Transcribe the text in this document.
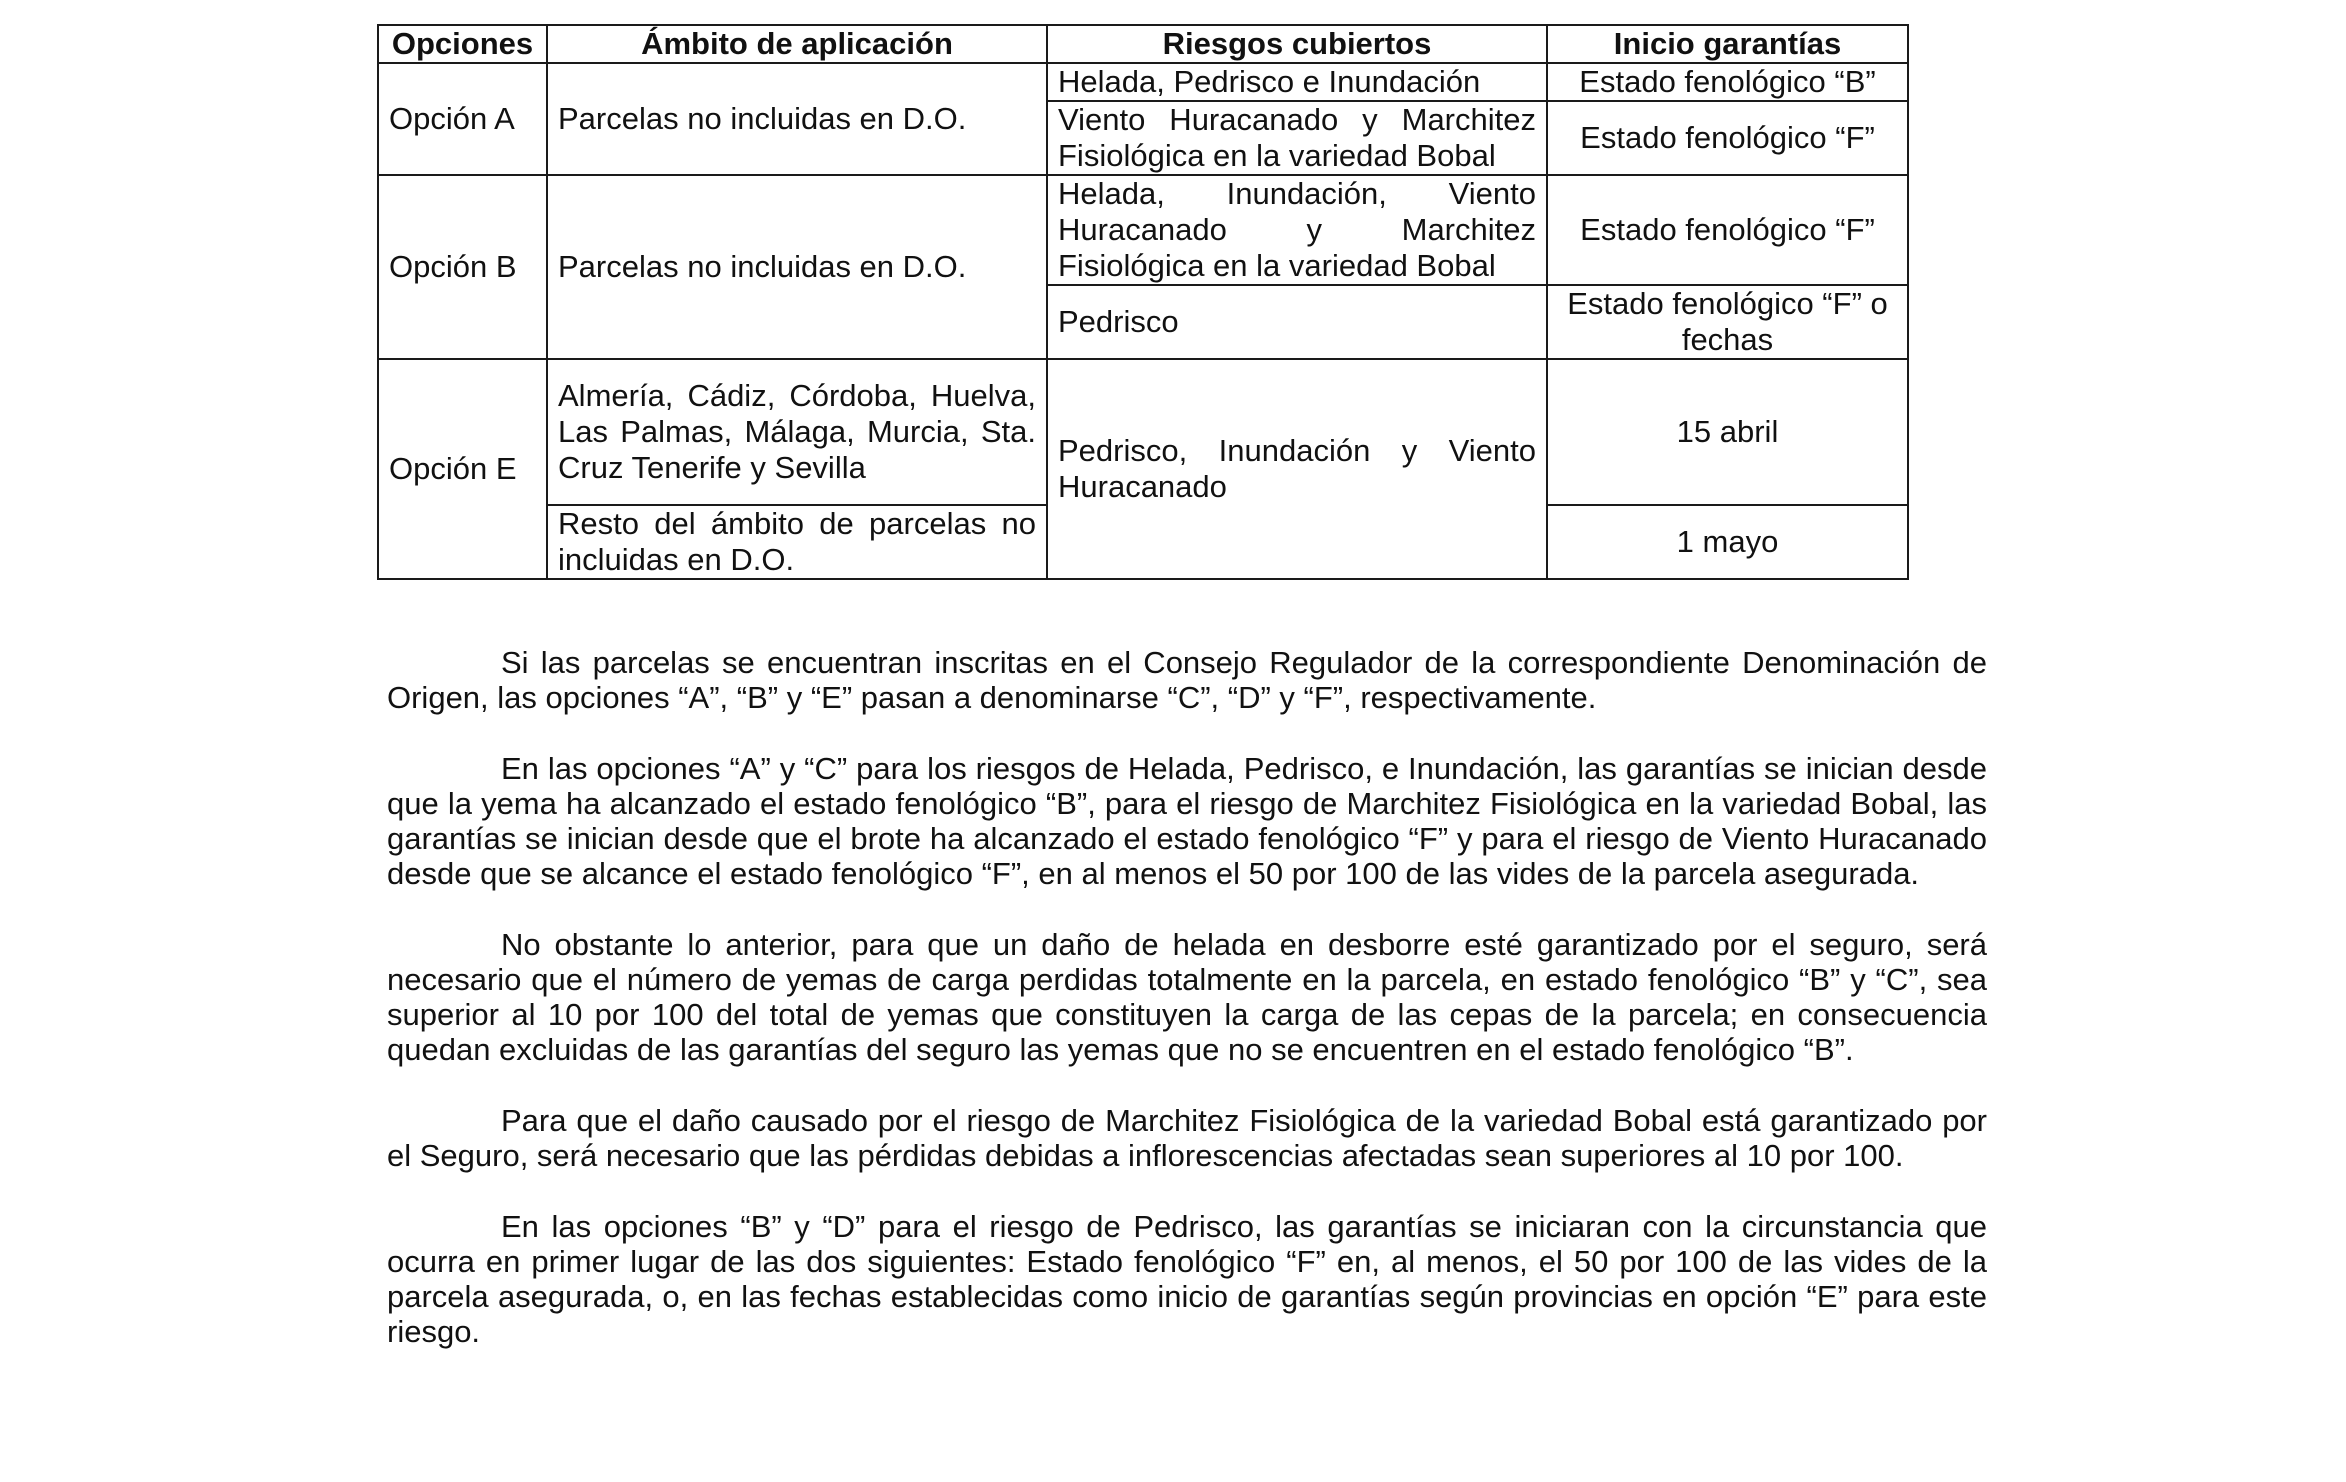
Opciones	Ámbito de aplicación	Riesgos cubiertos	Inicio garantías
Opción A	Parcelas no incluidas en D.O.	Helada, Pedrisco e Inundación	Estado fenológico “B”
		Viento Huracanado y Marchitez Fisiológica en la variedad Bobal	Estado fenológico “F”
Opción B	Parcelas no incluidas en D.O.	Helada, Inundación, Viento Huracanado y Marchitez Fisiológica en la variedad Bobal	Estado fenológico “F”
		Pedrisco	Estado fenológico “F” o fechas
Opción E	Almería, Cádiz, Córdoba, Huelva, Las Palmas, Málaga, Murcia, Sta. Cruz Tenerife y Sevilla	Pedrisco, Inundación y Viento Huracanado	15 abril
	Resto del ámbito de parcelas no incluidas en D.O.		1 mayo

Si las parcelas se encuentran inscritas en el Consejo Regulador de la correspondiente Denominación de Origen, las opciones “A”, “B” y “E” pasan a denominarse “C”, “D” y “F”, respectivamente.

En las opciones “A” y “C” para los riesgos de Helada, Pedrisco, e Inundación, las garantías se inician desde que la yema ha alcanzado el estado fenológico “B”, para el riesgo de Marchitez Fisiológica en la variedad Bobal, las garantías se inician desde que el brote ha alcanzado el estado fenológico “F” y para el riesgo de Viento Huracanado desde que se alcance el estado fenológico “F”, en al menos el 50 por 100 de las vides de la parcela asegurada.

No obstante lo anterior, para que un daño de helada en desborre esté garantizado por el seguro, será necesario que el número de yemas de carga perdidas totalmente en la parcela, en estado fenológico “B” y “C”, sea superior al 10 por 100 del total de yemas que constituyen la carga de las cepas de la parcela; en consecuencia quedan excluidas de las garantías del seguro las yemas que no se encuentren en el estado fenológico “B”.

Para que el daño causado por el riesgo de Marchitez Fisiológica de la variedad Bobal está garantizado por el Seguro, será necesario que las pérdidas debidas a inflorescencias afectadas sean superiores al 10 por 100.

En las opciones “B” y “D” para el riesgo de Pedrisco, las garantías se iniciaran con la circunstancia que ocurra en primer lugar de las dos siguientes: Estado fenológico “F” en, al menos, el 50 por 100 de las vides de la parcela asegurada, o, en las fechas establecidas como inicio de garantías según provincias en opción “E” para este riesgo.
